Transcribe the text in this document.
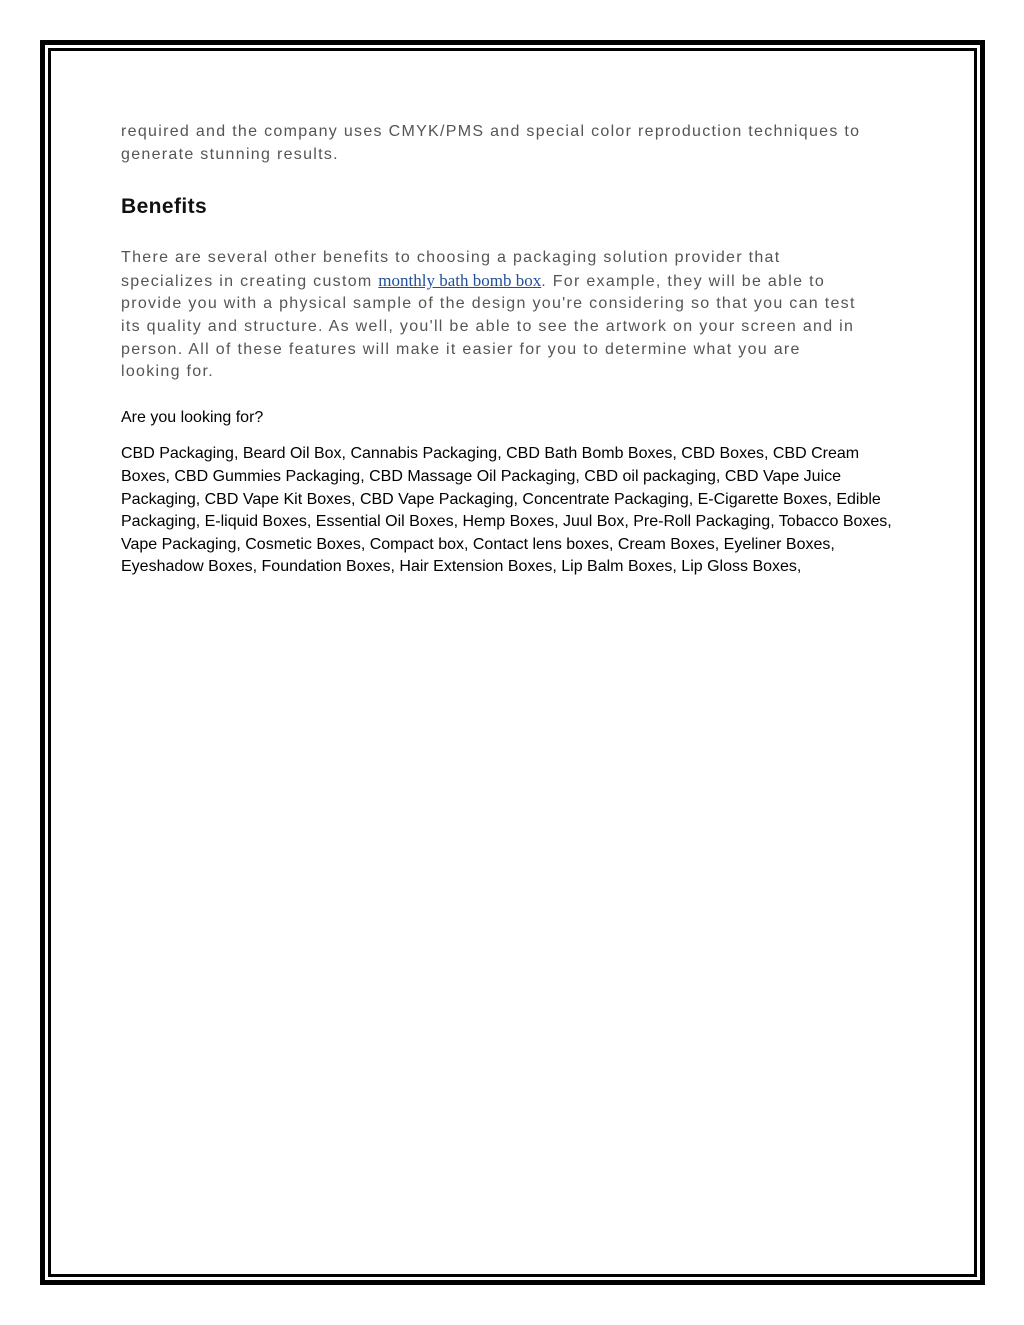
required and the company uses CMYK/PMS and special color reproduction techniques to
generate stunning results.

Benefits

There are several other benefits to choosing a packaging solution provider that
specializes in creating custom monthly bath bomb box. For example, they will be able to
provide you with a physical sample of the design you're considering so that you can test
its quality and structure. As well, you'll be able to see the artwork on your screen and in
person. All of these features will make it easier for you to determine what you are
looking for.

Are you looking for?

CBD Packaging, Beard Oil Box, Cannabis Packaging, CBD Bath Bomb Boxes, CBD Boxes, CBD Cream
Boxes, CBD Gummies Packaging, CBD Massage Oil Packaging, CBD oil packaging, CBD Vape Juice
Packaging, CBD Vape Kit Boxes, CBD Vape Packaging, Concentrate Packaging, E-Cigarette Boxes, Edible
Packaging, E-liquid Boxes, Essential Oil Boxes, Hemp Boxes, Juul Box, Pre-Roll Packaging, Tobacco Boxes,
Vape Packaging, Cosmetic Boxes, Compact box, Contact lens boxes, Cream Boxes, Eyeliner Boxes,
Eyeshadow Boxes, Foundation Boxes, Hair Extension Boxes, Lip Balm Boxes, Lip Gloss Boxes,
